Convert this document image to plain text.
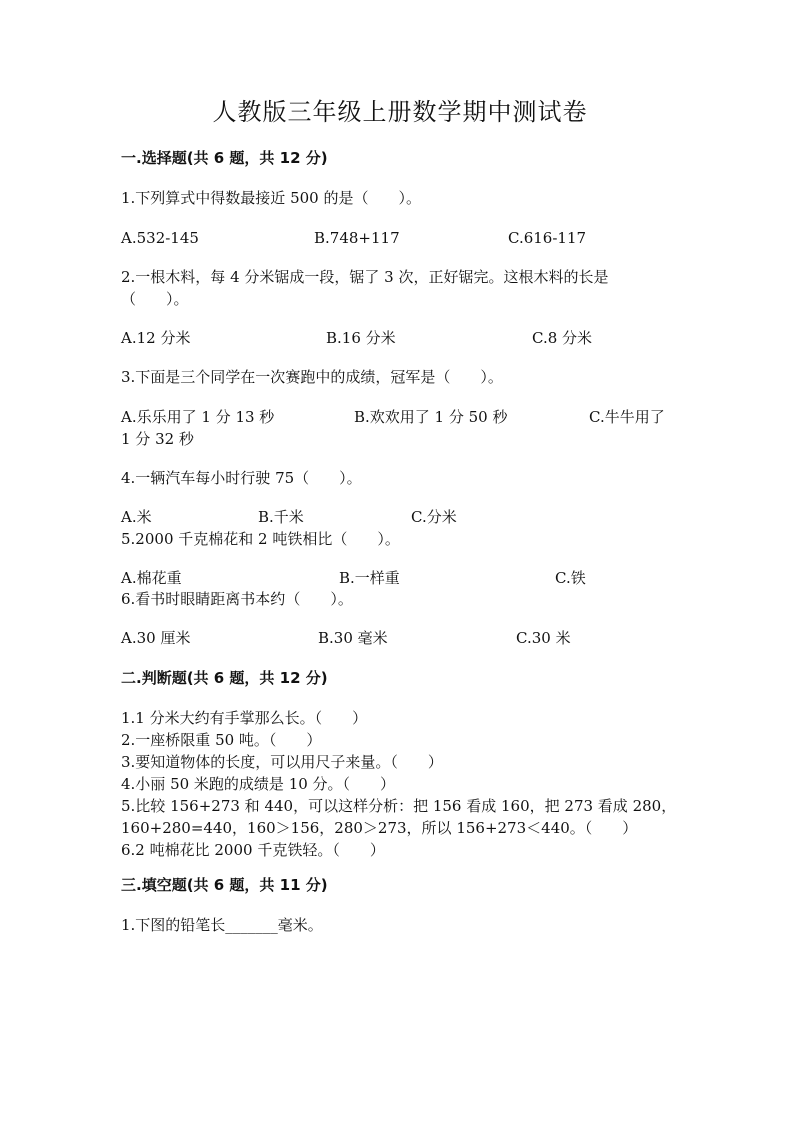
人教版三年级上册数学期中测试卷
一.选择题(共 6 题，共 12 分)
1.下列算式中得数最接近 500 的是（　　）。
A.532-145	B.748+117	C.616-117
2.一根木料，每 4 分米锯成一段，锯了 3 次，正好锯完。这根木料的长是
（　　）。
A.12 分米	B.16 分米	C.8 分米
3.下面是三个同学在一次赛跑中的成绩，冠军是（　　）。
A.乐乐用了 1 分 13 秒	B.欢欢用了 1 分 50 秒	C.牛牛用了
1 分 32 秒
4.一辆汽车每小时行驶 75（　　）。
A.米	B.千米	C.分米
5.2000 千克棉花和 2 吨铁相比（　　）。
A.棉花重	B.一样重	C.铁
6.看书时眼睛距离书本约（　　）。
A.30 厘米	B.30 毫米	C.30 米
二.判断题(共 6 题，共 12 分)
1.1 分米大约有手掌那么长。（　　）
2.一座桥限重 50 吨。（　　）
3.要知道物体的长度，可以用尺子来量。（　　）
4.小丽 50 米跑的成绩是 10 分。（　　）
5.比较 156+273 和 440，可以这样分析：把 156 看成 160，把 273 看成 280，
160+280=440，160＞156，280＞273，所以 156+273＜440。（　　）
6.2 吨棉花比 2000 千克铁轻。（　　）
三.填空题(共 6 题，共 11 分)
1.下图的铅笔长_______毫米。
